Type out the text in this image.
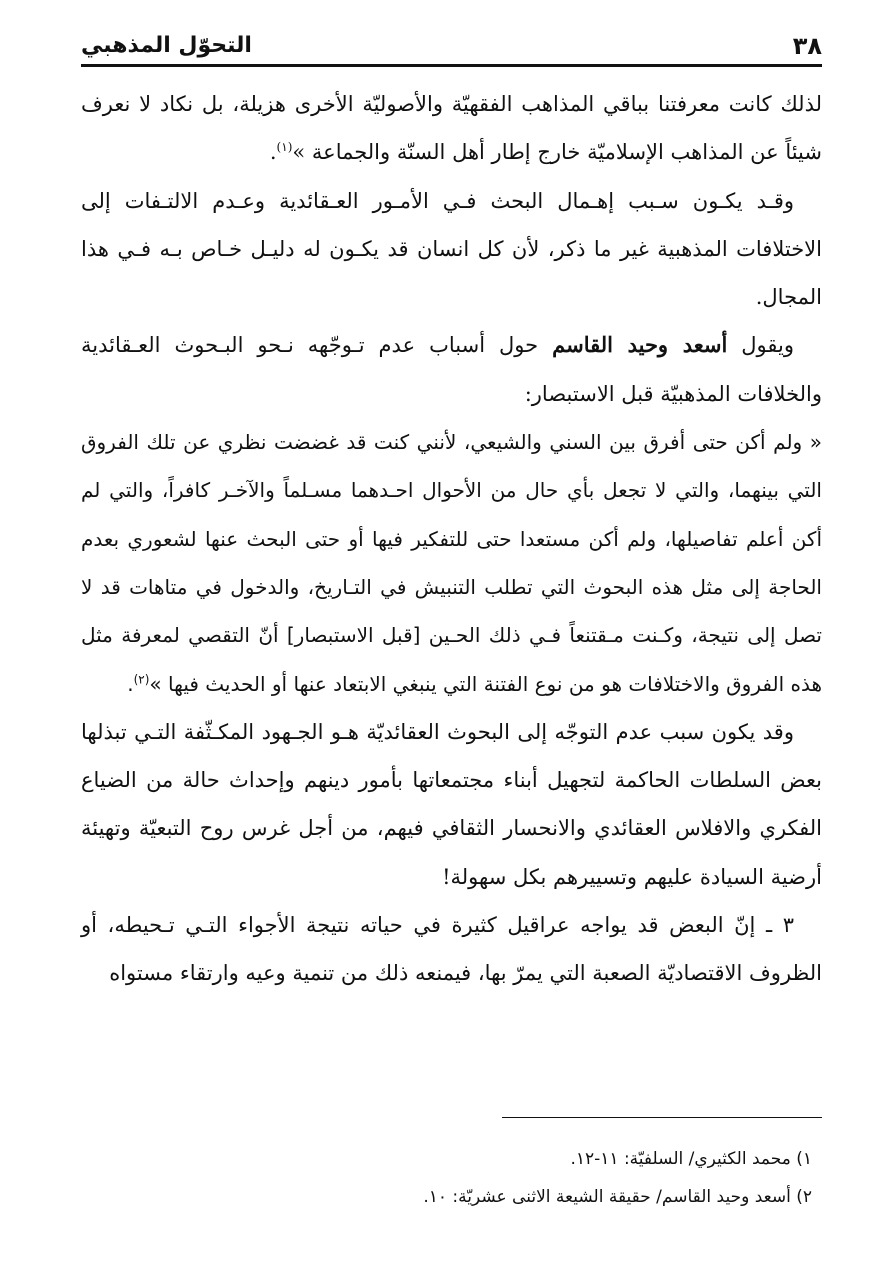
٣٨
التحوّل المذهبي

لذلك كانت معرفتنا بباقي المذاهب الفقهيّة والأصوليّة الأخرى هزيلة، بل نكاد لا نعرف شيئاً عن المذاهب الإسلاميّة خارج إطار أهل السنّة والجماعة »$^{(١)}$.

وقـد يكـون سـبب إهـمال البحث فـي الأمـور العـقائدية وعـدم الالتـفات إلى الاختلافات المذهبية غير ما ذكر، لأن كل انسان قد يكـون له دليـل خـاص بـه فـي هذا المجال.

ويقول أسعد وحيد القاسم حول أسباب عدم تـوجّهه نـحو البـحوث العـقائدية والخلافات المذهبيّة قبل الاستبصار:

« ولم أكن حتى أفرق بين السني والشيعي، لأنني كنت قد غضضت نظري عن تلك الفروق التي بينهما، والتي لا تجعل بأي حال من الأحوال احـدهما مسـلماً والآخـر كافراً، والتي لم أكن أعلم تفاصيلها، ولم أكن مستعدا حتى للتفكير فيها أو حتى البحث عنها لشعوري بعدم الحاجة إلى مثل هذه البحوث التي تطلب التنبيش في التـاريخ، والدخول في متاهات قد لا تصل إلى نتيجة، وكـنت مـقتنعاً فـي ذلك الحـين [قبل الاستبصار] أنّ التقصي لمعرفة مثل هذه الفروق والاختلافات هو من نوع الفتنة التي ينبغي الابتعاد عنها أو الحديث فيها »$^{(٢)}$.

وقد يكون سبب عدم التوجّه إلى البحوث العقائديّة هـو الجـهود المكـثّفة التـي تبذلها بعض السلطات الحاكمة لتجهيل أبناء مجتمعاتها بأمور دينهم وإحداث حالة من الضياع الفكري والافلاس العقائدي والانحسار الثقافي فيهم، من أجل غرس روح التبعيّة وتهيئة أرضية السيادة عليهم وتسييرهم بكل سهولة!

٣ ـ إنّ البعض قد يواجه عراقيل كثيرة في حياته نتيجة الأجواء التـي تـحيطه، أو الظروف الاقتصاديّة الصعبة التي يمرّ بها، فيمنعه ذلك من تنمية وعيه وارتقاء مستواه

١) محمد الكثيري/ السلفيّة: ١١-١٢.
٢) أسعد وحيد القاسم/ حقيقة الشيعة الاثنى عشريّة: ١٠.
